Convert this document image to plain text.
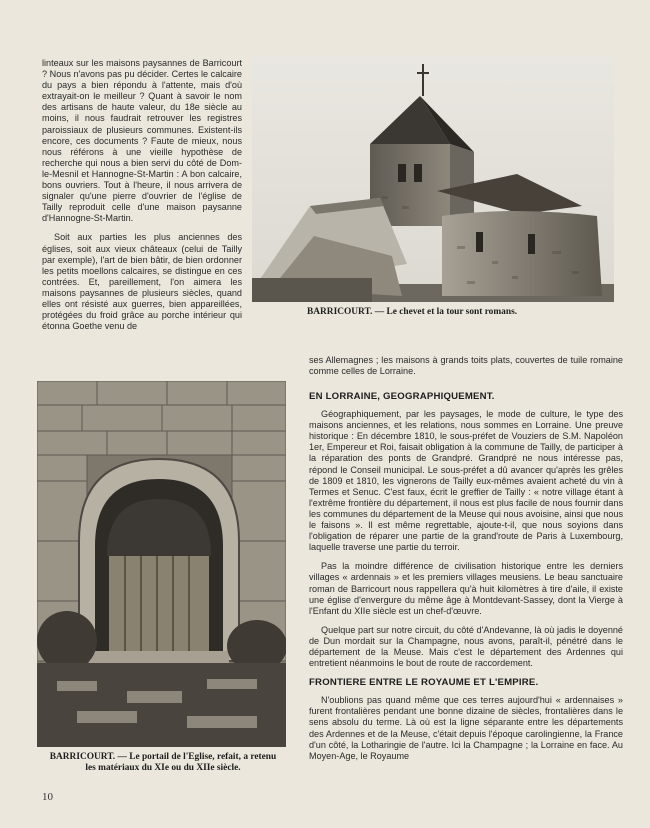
linteaux sur les maisons paysannes de Barricourt ? Nous n'avons pas pu décider. Certes le calcaire du pays a bien répondu à l'attente, mais d'où extrayait-on le meilleur ? Quant à savoir le nom des artisans de haute valeur, du 18e siècle au moins, il nous faudrait retrouver les registres paroissiaux de plusieurs communes. Existent-ils encore, ces documents ? Faute de mieux, nous nous référons à une vieille hypothèse de recherche qui nous a bien servi du côté de Dom-le-Mesnil et Hannogne-St-Martin : A bon calcaire, bons ouvriers. Tout à l'heure, il nous arrivera de signaler qu'une pierre d'ouvrier de l'église de Tailly reproduit celle d'une maison paysanne d'Hannogne-St-Martin.

Soit aux parties les plus anciennes des églises, soit aux vieux châteaux (celui de Tailly par exemple), l'art de bien bâtir, de bien ordonner les petits moellons calcaires, se distingue en ces contrées. Et, pareillement, l'on aimera les maisons paysannes de plusieurs siècles, quand elles ont résisté aux guerres, bien appareillées, protégées du froid grâce au porche intérieur qui étonna Goethe venu de

BARRICOURT. — Le chevet et la tour sont romans.

ses Allemagnes ; les maisons à grands toits plats, couvertes de tuile romaine comme celles de Lorraine.

BARRICOURT. — Le portail de l'Eglise, refait, a retenu
les matériaux du XIe ou du XIIe siècle.
EN LORRAINE, GEOGRAPHIQUEMENT.

Géographiquement, par les paysages, le mode de culture, le type des maisons anciennes, et les relations, nous sommes en Lorraine. Une preuve historique : En décembre 1810, le sous-préfet de Vouziers de S.M. Napoléon 1er, Empereur et Roi, faisait obligation à la commune de Tailly, de participer à la réparation des ponts de Grandpré. Grandpré ne nous intéresse pas, répond le Conseil municipal. Le sous-préfet a dû avancer qu'après les grêles de 1809 et 1810, les vignerons de Tailly eux-mêmes avaient acheté du vin à Termes et Senuc. C'est faux, écrit le greffier de Tailly : « notre village étant à l'extrême frontière du département, il nous est plus facile de nous fournir dans les communes du département de la Meuse qui nous avoisine, ainsi que nous le faisons ». Il est même regrettable, ajoute-t-il, que nous soyions dans l'obligation de réparer une partie de la grand'route de Paris à Luxembourg, laquelle traverse une partie du terroir.

Pas la moindre différence de civilisation historique entre les derniers villages « ardennais » et les premiers villages meusiens. Le beau sanctuaire roman de Barricourt nous rappellera qu'à huit kilomètres à tire d'aile, il existe une église d'envergure du même âge à Montdevant-Sassey, dont la Vierge à l'Enfant du XIIe siècle est un chef-d'œuvre.

Quelque part sur notre circuit, du côté d'Andevanne, là où jadis le doyenné de Dun mordait sur la Champagne, nous avons, paraît-il, pénétré dans le département de la Meuse. Mais c'est le département des Ardennes qui entretient néanmoins le bout de route de raccordement.

FRONTIERE ENTRE LE ROYAUME ET L'EMPIRE.

N'oublions pas quand même que ces terres aujourd'hui « ardennaises » furent frontalières pendant une bonne dizaine de siècles, frontalières dans le sens absolu du terme. Là où est la ligne séparante entre les départements des Ardennes et de la Meuse, c'était depuis l'époque carolingienne, la France d'un côté, la Lotharingie de l'autre. Ici la Champagne ; la Lorraine en face. Au Moyen-Age, le Royaume

10
